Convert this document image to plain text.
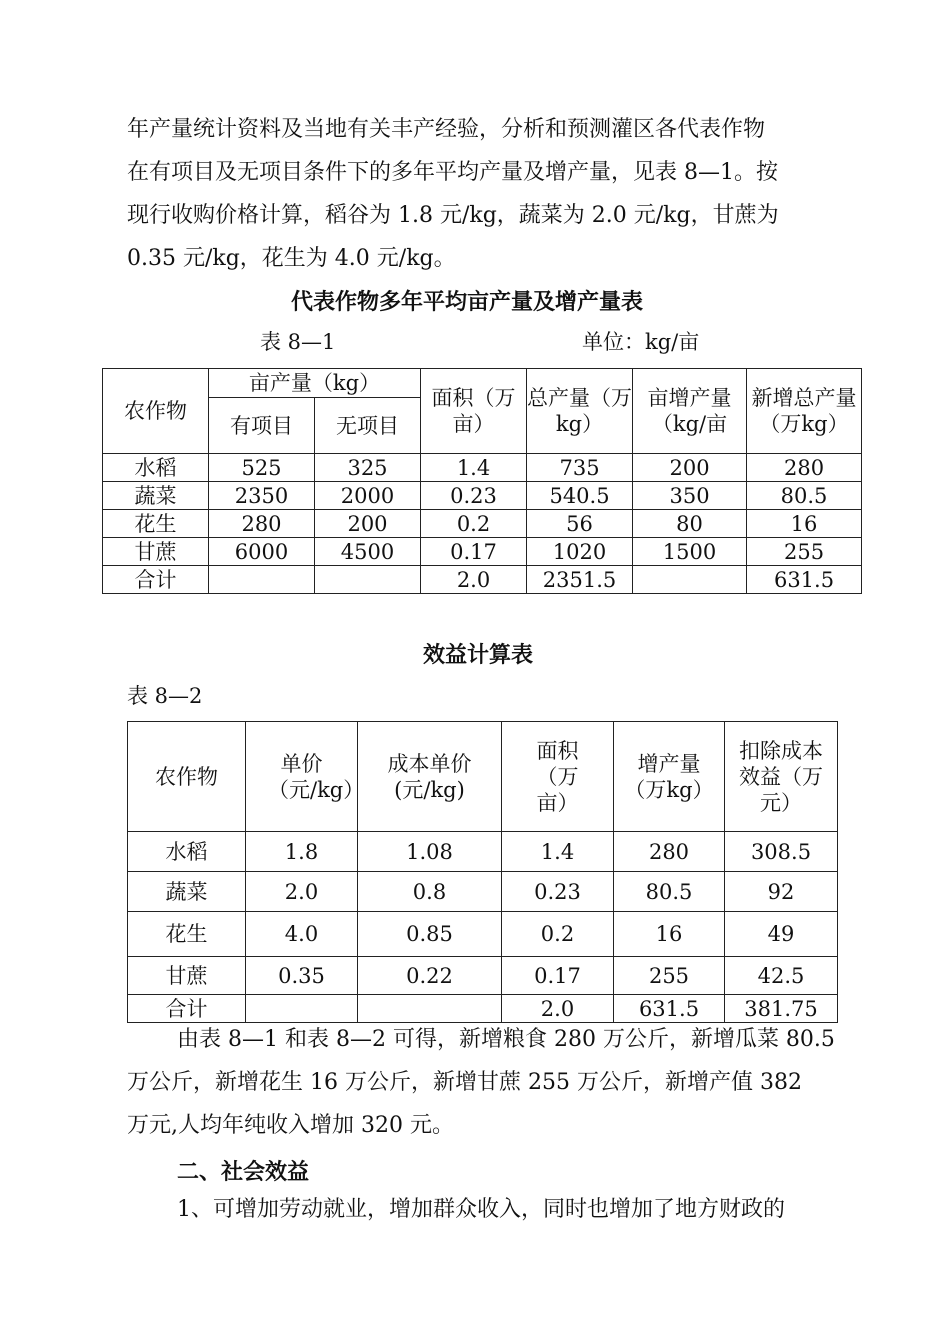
年产量统计资料及当地有关丰产经验，分析和预测灌区各代表作物
在有项目及无项目条件下的多年平均产量及增产量，见表 8—1。按
现行收购价格计算，稻谷为 1.8 元/kg，蔬菜为 2.0 元/kg，甘蔗为
0.35 元/kg，花生为 4.0 元/kg。
代表作物多年平均亩产量及增产量表
表 8—1	单位：kg/亩
农作物	亩产量（kg）		面积（万亩）	总产量（万kg）	亩增产量（kg/亩	新增总产量（万kg）
	有项目	无项目				
水稻	525	325	1.4	735	200	280
蔬菜	2350	2000	0.23	540.5	350	80.5
花生	280	200	0.2	56	80	16
甘蔗	6000	4500	0.17	1020	1500	255
合计			2.0	2351.5		631.5
效益计算表
表 8—2
农作物	单价（元/kg）	成本单价(元/kg)	面积（万亩）	增产量（万kg）	扣除成本效益（万元）
水稻	1.8	1.08	1.4	280	308.5
蔬菜	2.0	0.8	0.23	80.5	92
花生	4.0	0.85	0.2	16	49
甘蔗	0.35	0.22	0.17	255	42.5
合计			2.0	631.5	381.75
由表 8—1 和表 8—2 可得，新增粮食 280 万公斤，新增瓜菜 80.5
万公斤，新增花生 16 万公斤，新增甘蔗 255 万公斤，新增产值 382
万元,人均年纯收入增加 320 元。
二、社会效益
1、可增加劳动就业，增加群众收入，同时也增加了地方财政的
